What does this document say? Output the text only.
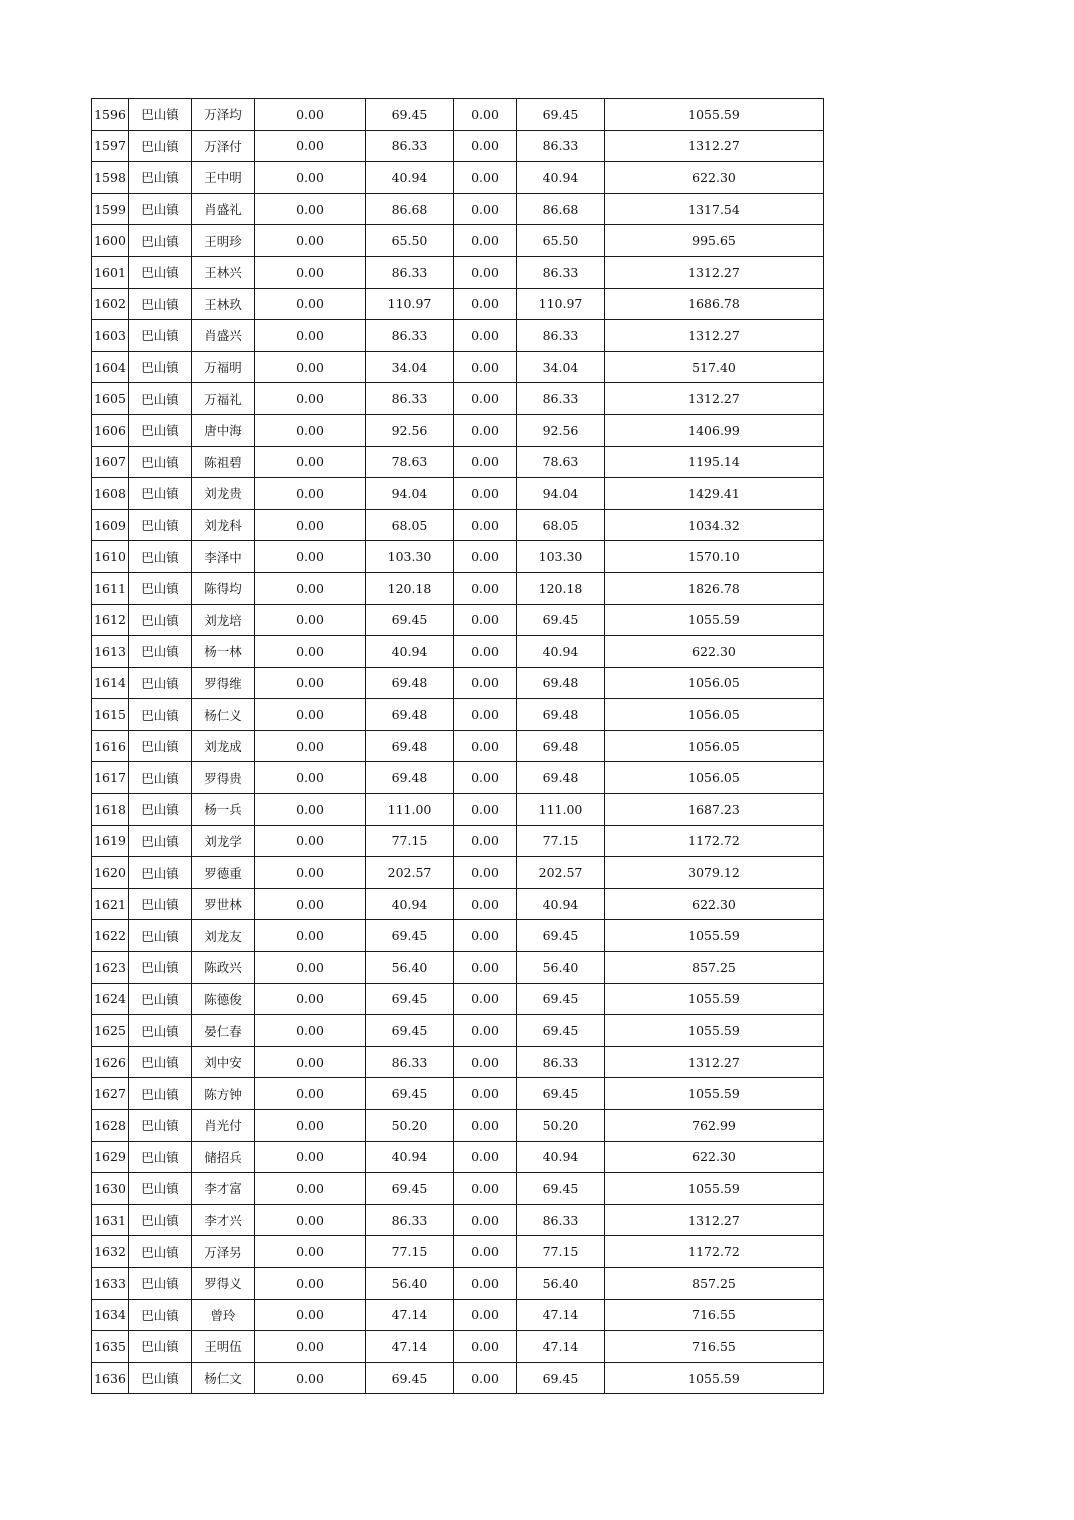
1596	巴山镇	万泽均	0.00	69.45	0.00	69.45	1055.59
1597	巴山镇	万泽付	0.00	86.33	0.00	86.33	1312.27
1598	巴山镇	王中明	0.00	40.94	0.00	40.94	622.30
1599	巴山镇	肖盛礼	0.00	86.68	0.00	86.68	1317.54
1600	巴山镇	王明珍	0.00	65.50	0.00	65.50	995.65
1601	巴山镇	王林兴	0.00	86.33	0.00	86.33	1312.27
1602	巴山镇	王林玖	0.00	110.97	0.00	110.97	1686.78
1603	巴山镇	肖盛兴	0.00	86.33	0.00	86.33	1312.27
1604	巴山镇	万福明	0.00	34.04	0.00	34.04	517.40
1605	巴山镇	万福礼	0.00	86.33	0.00	86.33	1312.27
1606	巴山镇	唐中海	0.00	92.56	0.00	92.56	1406.99
1607	巴山镇	陈祖碧	0.00	78.63	0.00	78.63	1195.14
1608	巴山镇	刘龙贵	0.00	94.04	0.00	94.04	1429.41
1609	巴山镇	刘龙科	0.00	68.05	0.00	68.05	1034.32
1610	巴山镇	李泽中	0.00	103.30	0.00	103.30	1570.10
1611	巴山镇	陈得均	0.00	120.18	0.00	120.18	1826.78
1612	巴山镇	刘龙培	0.00	69.45	0.00	69.45	1055.59
1613	巴山镇	杨一林	0.00	40.94	0.00	40.94	622.30
1614	巴山镇	罗得维	0.00	69.48	0.00	69.48	1056.05
1615	巴山镇	杨仁义	0.00	69.48	0.00	69.48	1056.05
1616	巴山镇	刘龙成	0.00	69.48	0.00	69.48	1056.05
1617	巴山镇	罗得贵	0.00	69.48	0.00	69.48	1056.05
1618	巴山镇	杨一兵	0.00	111.00	0.00	111.00	1687.23
1619	巴山镇	刘龙学	0.00	77.15	0.00	77.15	1172.72
1620	巴山镇	罗德重	0.00	202.57	0.00	202.57	3079.12
1621	巴山镇	罗世林	0.00	40.94	0.00	40.94	622.30
1622	巴山镇	刘龙友	0.00	69.45	0.00	69.45	1055.59
1623	巴山镇	陈政兴	0.00	56.40	0.00	56.40	857.25
1624	巴山镇	陈德俊	0.00	69.45	0.00	69.45	1055.59
1625	巴山镇	晏仁春	0.00	69.45	0.00	69.45	1055.59
1626	巴山镇	刘中安	0.00	86.33	0.00	86.33	1312.27
1627	巴山镇	陈方钟	0.00	69.45	0.00	69.45	1055.59
1628	巴山镇	肖光付	0.00	50.20	0.00	50.20	762.99
1629	巴山镇	储招兵	0.00	40.94	0.00	40.94	622.30
1630	巴山镇	李才富	0.00	69.45	0.00	69.45	1055.59
1631	巴山镇	李才兴	0.00	86.33	0.00	86.33	1312.27
1632	巴山镇	万泽另	0.00	77.15	0.00	77.15	1172.72
1633	巴山镇	罗得义	0.00	56.40	0.00	56.40	857.25
1634	巴山镇	曾玲	0.00	47.14	0.00	47.14	716.55
1635	巴山镇	王明伍	0.00	47.14	0.00	47.14	716.55
1636	巴山镇	杨仁文	0.00	69.45	0.00	69.45	1055.59
